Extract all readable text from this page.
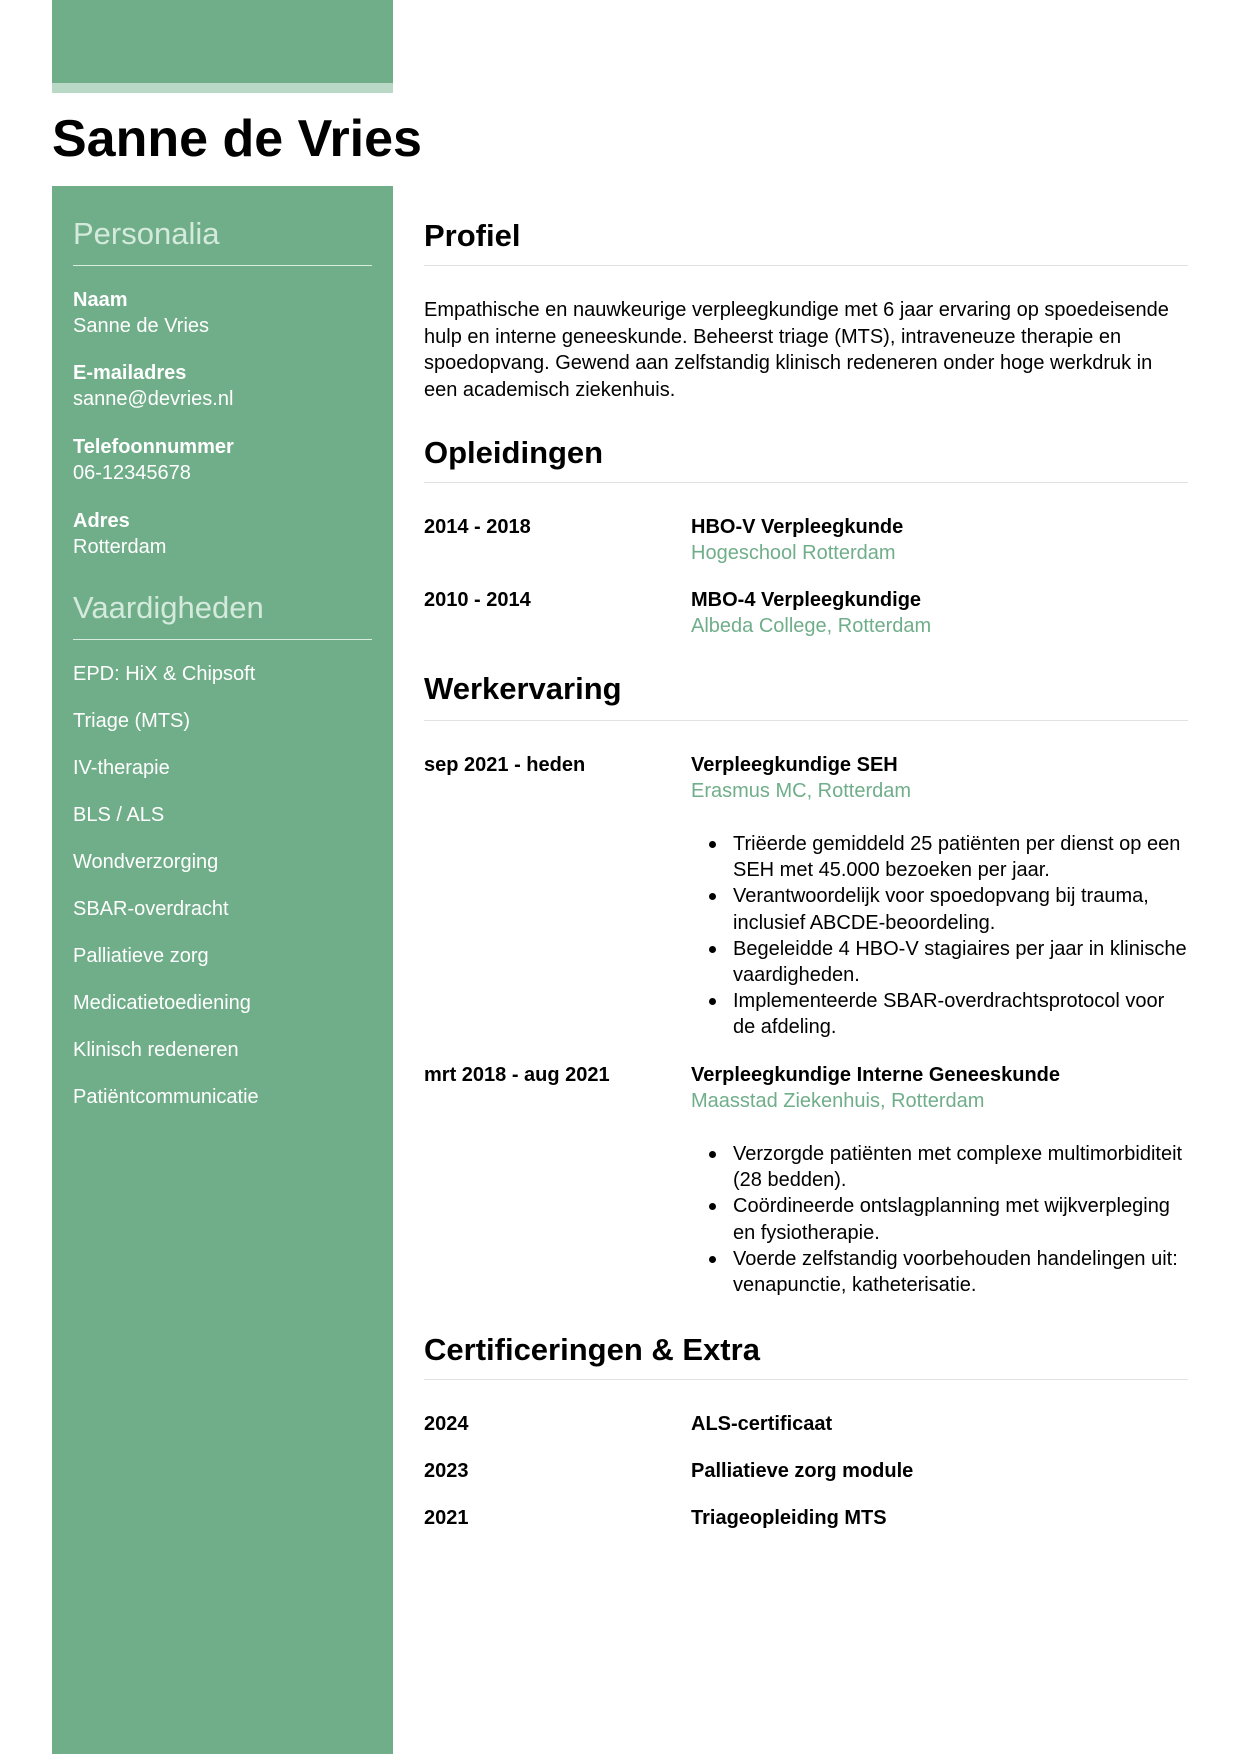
Sanne de Vries
Personalia
Naam
Sanne de Vries
E-mailadres
sanne@devries.nl
Telefoonnummer
06-12345678
Adres
Rotterdam
Vaardigheden
EPD: HiX & Chipsoft
Triage (MTS)
IV-therapie
BLS / ALS
Wondverzorging
SBAR-overdracht
Palliatieve zorg
Medicatietoediening
Klinisch redeneren
Patiëntcommunicatie
Profiel

Empathische en nauwkeurige verpleegkundige met 6 jaar ervaring op spoedeisende hulp en interne geneeskunde. Beheerst triage (MTS), intraveneuze therapie en spoedopvang. Gewend aan zelfstandig klinisch redeneren onder hoge werkdruk in een academisch ziekenhuis.

Opleidingen
2014 - 2018	HBO-V Verpleegkunde
Hogeschool Rotterdam
2010 - 2014	MBO-4 Verpleegkundige
Albeda College, Rotterdam
Werkervaring
sep 2021 - heden	Verpleegkundige SEH
Erasmus MC, Rotterdam
Triëerde gemiddeld 25 patiënten per dienst op een SEH met 45.000 bezoeken per jaar.
Verantwoordelijk voor spoedopvang bij trauma, inclusief ABCDE-beoordeling.
Begeleidde 4 HBO-V stagiaires per jaar in klinische vaardigheden.
Implementeerde SBAR-overdrachtsprotocol voor de afdeling.
mrt 2018 - aug 2021	Verpleegkundige Interne Geneeskunde
Maasstad Ziekenhuis, Rotterdam
Verzorgde patiënten met complexe multimorbiditeit (28 bedden).
Coördineerde ontslagplanning met wijkverpleging en fysiotherapie.
Voerde zelfstandig voorbehouden handelingen uit: venapunctie, katheterisatie.
Certificeringen & Extra
2024	ALS-certificaat
2023	Palliatieve zorg module
2021	Triageopleiding MTS
